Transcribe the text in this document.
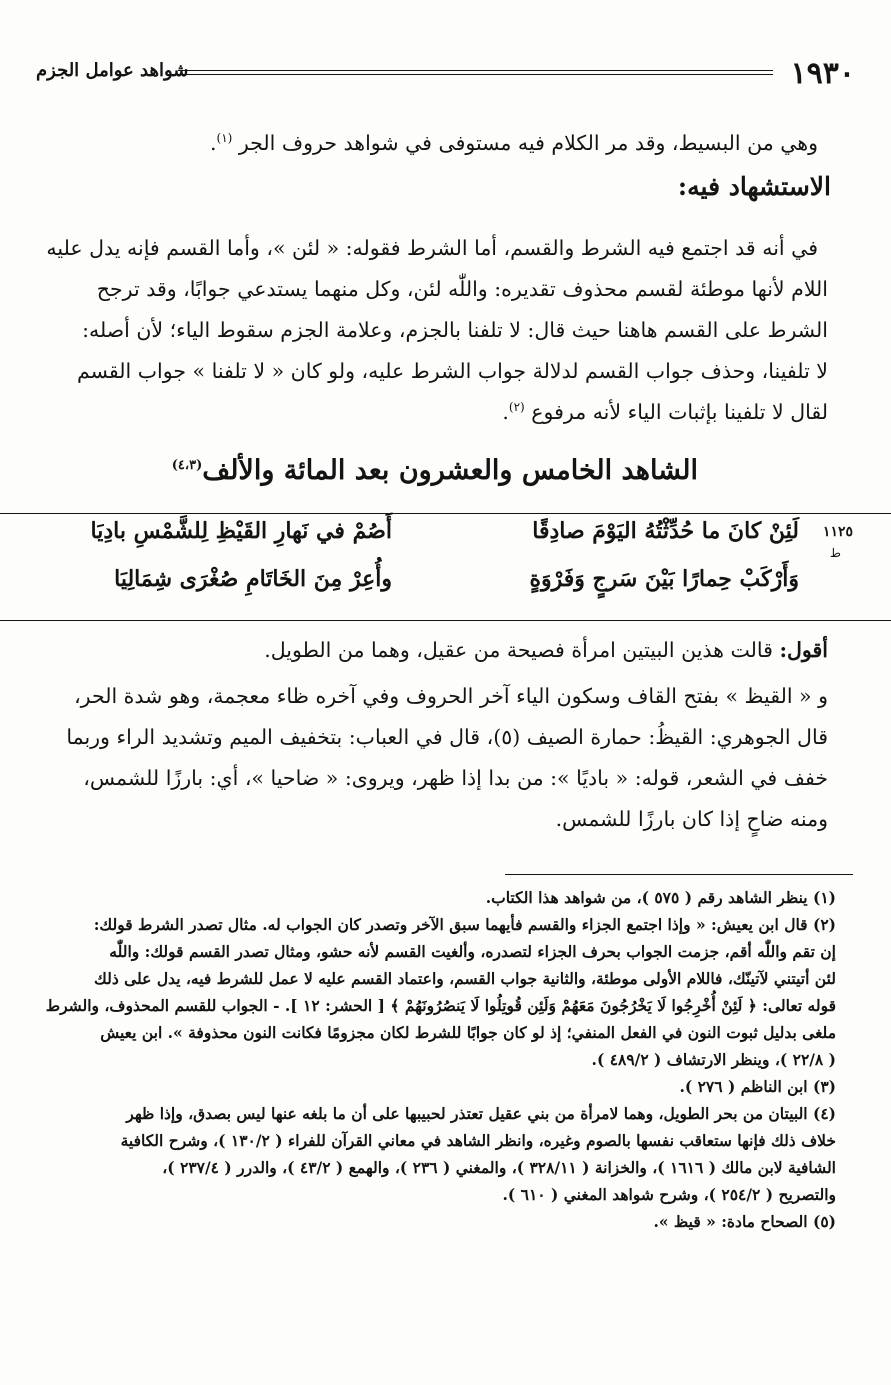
شواهد عوامل الجزم	١٩٣٠
وهي من البسيط، وقد مر الكلام فيه مستوفى في شواهد حروف الجر $^{(١)}$.
الاستشهاد فيه:
في أنه قد اجتمع فيه الشرط والقسم، أما الشرط فقوله: « لئن »، وأما القسم فإنه يدل عليه
اللام لأنها موطئة لقسم محذوف تقديره: واللّٰه لئن، وكل منهما يستدعي جوابًا، وقد ترجح
الشرط على القسم هاهنا حيث قال: لا تلفنا بالجزم، وعلامة الجزم سقوط الياء؛ لأن أصله:
لا تلفينا، وحذف جواب القسم لدلالة جواب الشرط عليه، ولو كان « لا تلفنا » جواب القسم
لقال لا تلفينا بإثبات الياء لأنه مرفوع $^{(٢)}$.
الشاهد الخامس والعشرون بعد المائة والألف$^{(٤،٣)}$
١١٢٥
ط
لَئِنْ كانَ ما حُدِّثْتُهُ اليَوْمَ صادِقًا
أَصُمْ في نَهارِ القَيْظِ لِلشَّمْسِ بادِيَا
وَأَرْكَبْ حِمارًا بَيْنَ سَرجٍ وَفَرْوَةٍ
وأُعِرْ مِنَ الخَاتَامِ صُغْرَى شِمَالِيَا
أقول: قالت هذين البيتين امرأة فصيحة من عقيل، وهما من الطويل.
و « القيظ » بفتح القاف وسكون الياء آخر الحروف وفي آخره ظاء معجمة، وهو شدة الحر،
قال الجوهري: القيظُ: حمارة الصيف (٥)، قال في العباب: بتخفيف الميم وتشديد الراء وربما
خفف في الشعر، قوله: « باديًا »: من بدا إذا ظهر، ويروى: « ضاحيا »، أي: بارزًا للشمس،
ومنه ضاحٍ إذا كان بارزًا للشمس.
(١) ينظر الشاهد رقم ( ٥٧٥ )، من شواهد هذا الكتاب.
(٢) قال ابن يعيش: « وإذا اجتمع الجزاء والقسم فأيهما سبق الآخر وتصدر كان الجواب له. مثال تصدر الشرط قولك:
إن تقم واللّٰه أقم، جزمت الجواب بحرف الجزاء لتصدره، وألغيت القسم لأنه حشو، ومثال تصدر القسم قولك: واللّٰه
لئن أتيتني لآتينّك، فاللام الأولى موطئة، والثانية جواب القسم، واعتماد القسم عليه لا عمل للشرط فيه، يدل على ذلك
قوله تعالى: ﴿ لَئِنْ أُخْرِجُوا لَا يَخْرُجُونَ مَعَهُمْ وَلَئِن قُوتِلُوا لَا يَنصُرُونَهُمْ ﴾ [ الحشر: ١٢ ]. - الجواب للقسم المحذوف، والشرط
ملغى بدليل ثبوت النون في الفعل المنفي؛ إذ لو كان جوابًا للشرط لكان مجزومًا فكانت النون محذوفة ». ابن يعيش
( ٢٢/٨ )، وينظر الارتشاف ( ٤٨٩/٢ ).
(٣) ابن الناظم ( ٢٧٦ ).
(٤) البيتان من بحر الطويل، وهما لامرأة من بني عقيل تعتذر لحبيبها على أن ما بلغه عنها ليس بصدق، وإذا ظهر
خلاف ذلك فإنها ستعاقب نفسها بالصوم وغيره، وانظر الشاهد في معاني القرآن للفراء ( ١٣٠/٢ )، وشرح الكافية
الشافية لابن مالك ( ١٦١٦ )، والخزانة ( ٣٢٨/١١ )، والمغني ( ٢٣٦ )، والهمع ( ٤٣/٢ )، والدرر ( ٢٣٧/٤ )،
والتصريح ( ٢٥٤/٢ )، وشرح شواهد المغني ( ٦١٠ ).
(٥) الصحاح مادة: « قيظ ».
